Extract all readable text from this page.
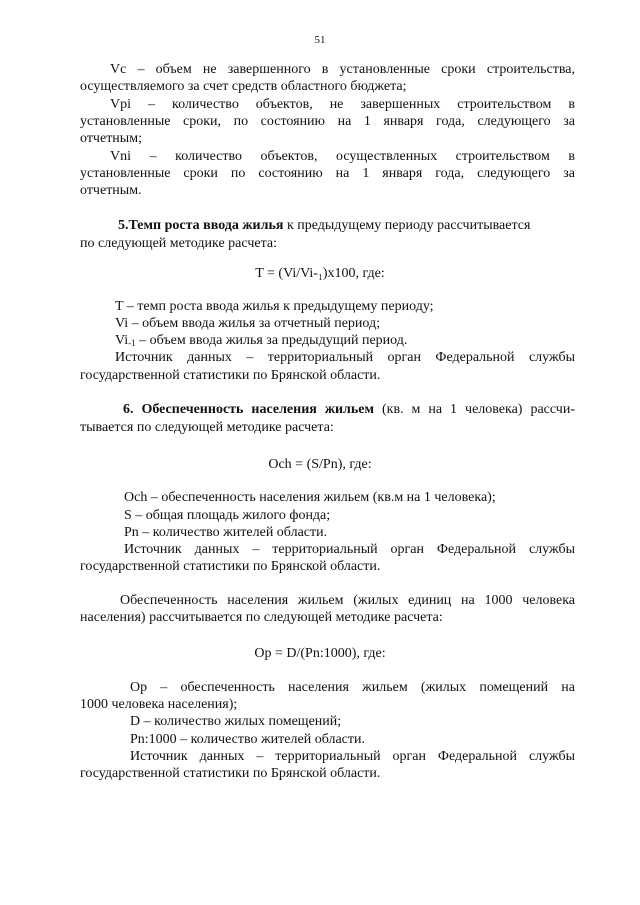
51
Vc – объем не завершенного в установленные сроки строительства,
осуществляемого за счет средств областного бюджета;
Vpi – количество объектов, не завершенных строительством в
установленные сроки, по состоянию на 1 января года, следующего за
отчетным;
Vni – количество объектов, осуществленных строительством в
установленные сроки по состоянию на 1 января года, следующего за
отчетным.
5.Темп роста ввода жилья к предыдущему периоду рассчитывается
по следующей методике расчета:
T = (Vi/Vi-₁)x100, где:
T – темп роста ввода жилья к предыдущему периоду;
Vi – объем ввода жилья за отчетный период;
$Vi_{-1}$ – объем ввода жилья за предыдущий период.
Источник данных – территориальный орган Федеральной службы
государственной статистики по Брянской области.
6. Обеспеченность населения жильем (кв. м на 1 человека) рассчи-
тывается по следующей методике расчета:
Och = (S/Pn), где:
Och – обеспеченность населения жильем (кв.м на 1 человека);
S – общая площадь жилого фонда;
Pn – количество жителей области.
Источник данных – территориальный орган Федеральной службы
государственной статистики по Брянской области.
Обеспеченность населения жильем (жилых единиц на 1000 человека
населения) рассчитывается по следующей методике расчета:
Op = D/(Pn:1000), где:
Op – обеспеченность населения жильем (жилых помещений на
1000 человека населения);
D – количество жилых помещений;
Pn:1000 – количество жителей области.
Источник данных – территориальный орган Федеральной службы
государственной статистики по Брянской области.
